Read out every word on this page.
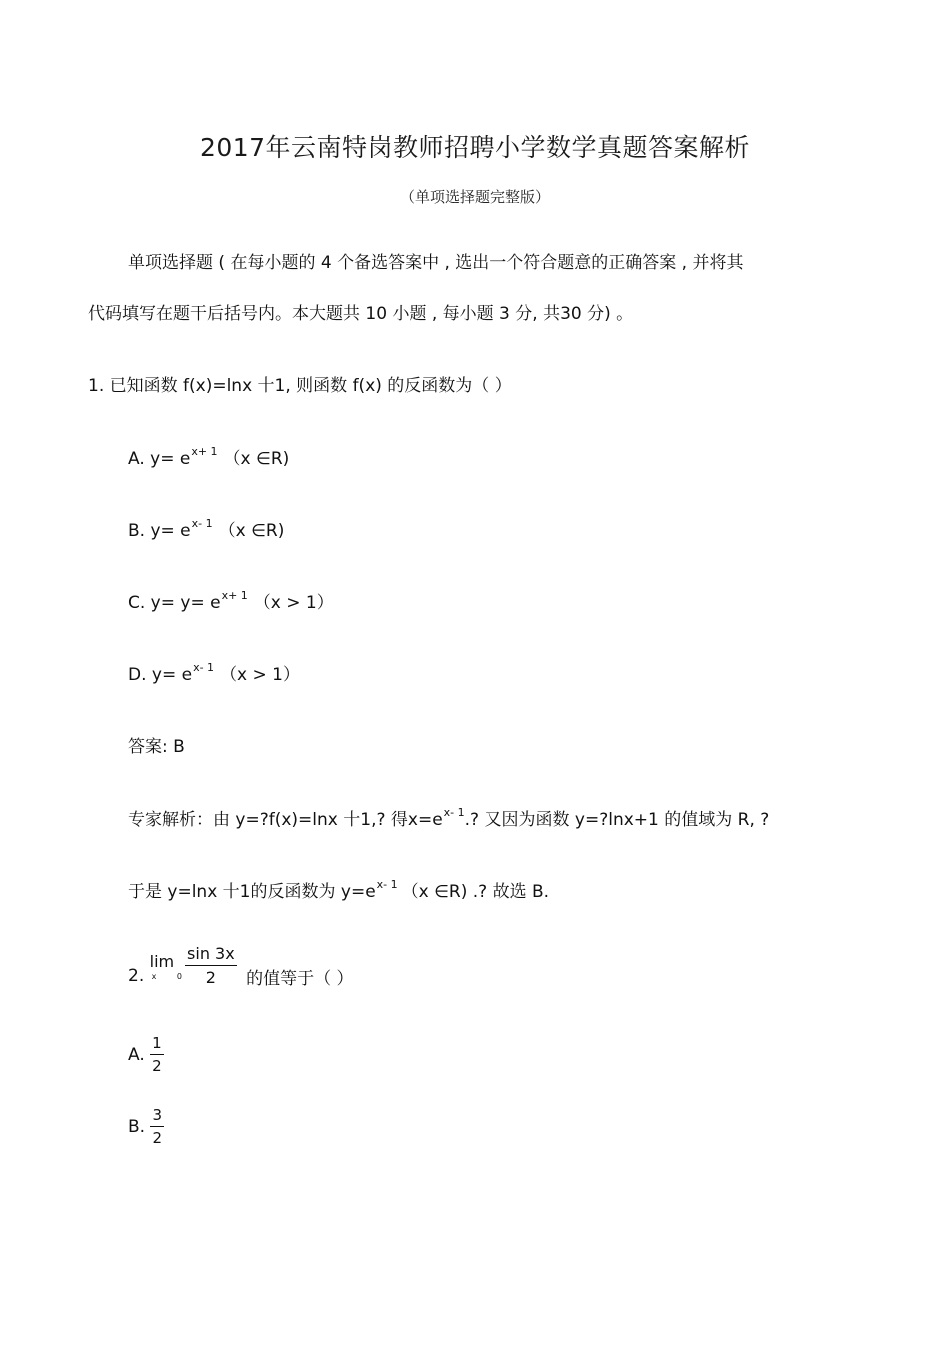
2017年云南特岗教师招聘小学数学真题答案解析
（单项选择题完整版）
单项选择题 ( 在每小题的 4 个备选答案中 , 选出一个符合题意的正确答案 , 并将其
代码填写在题干后括号内。本大题共 10 小题 , 每小题 3 分, 共30 分) 。
1. 已知函数 f(x)=lnx 十1, 则函数 f(x) 的反函数为（ ）
A. $y= e^{x+ 1}$ （x ∈R)
B. $y= e^{x- 1}$ （x ∈R)
C. $y= y= e^{x+ 1}$ （x > 1）
D. $y= e^{x- 1}$ （x > 1）
答案: B
专家解析：由 y=?f(x)=lnx 十1,? 得$x=e^{x- 1}$.? 又因为函数 y=?lnx+1 的值域为 R, ?
于是 y=lnx 十1的反函数为 $y=e^{x- 1}$ （x ∈R) .? 故选 B.
2.
lim
x 0

$\frac{\sin 3x}{2}$ 的值等于（ ）
A. $\frac{1}{2}$
B. $\frac{3}{2}$
